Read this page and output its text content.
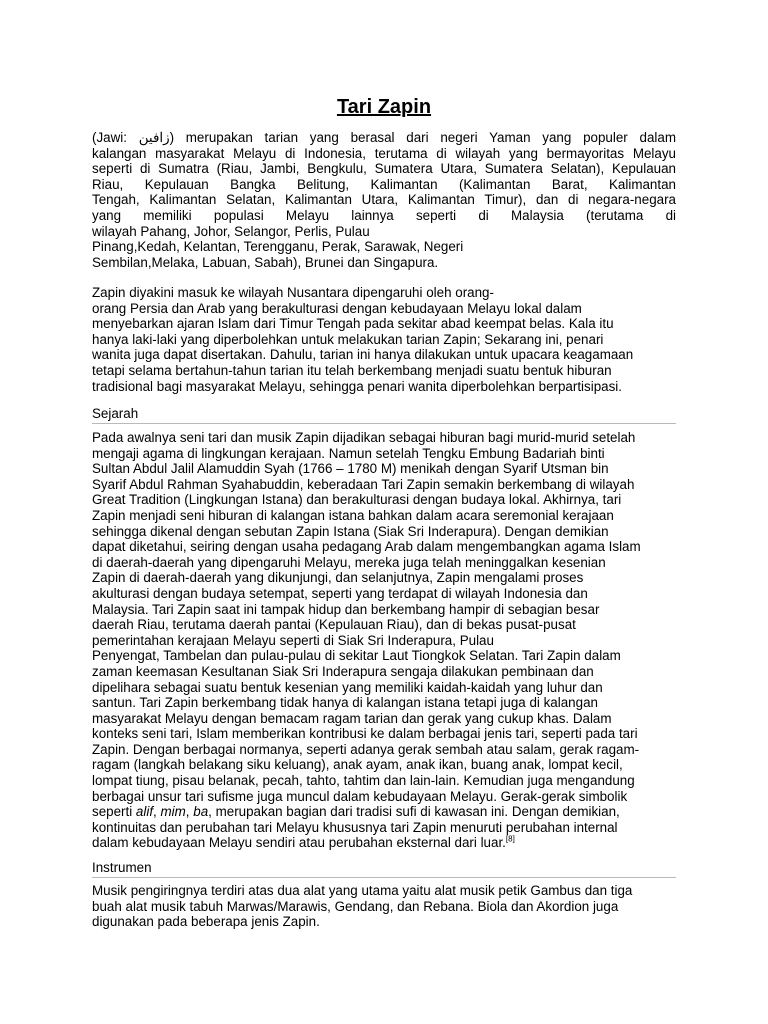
Tari Zapin
(Jawi: زافين) merupakan tarian yang berasal dari negeri Yaman yang populer dalam
kalangan masyarakat Melayu di Indonesia, terutama di wilayah yang bermayoritas Melayu
seperti di Sumatra (Riau, Jambi, Bengkulu, Sumatera Utara, Sumatera Selatan), Kepulauan
Riau, Kepulauan Bangka Belitung, Kalimantan (Kalimantan Barat, Kalimantan
Tengah, Kalimantan Selatan, Kalimantan Utara, Kalimantan Timur), dan di negara-negara
yang memiliki populasi Melayu lainnya seperti di Malaysia (terutama di
wilayah Pahang, Johor, Selangor, Perlis, Pulau
Pinang,Kedah, Kelantan, Terengganu, Perak, Sarawak, Negeri
Sembilan,Melaka, Labuan, Sabah), Brunei dan Singapura.
Zapin diyakini masuk ke wilayah Nusantara dipengaruhi oleh orang-
orang Persia dan Arab yang berakulturasi dengan kebudayaan Melayu lokal dalam
menyebarkan ajaran Islam dari Timur Tengah pada sekitar abad keempat belas. Kala itu
hanya laki-laki yang diperbolehkan untuk melakukan tarian Zapin; Sekarang ini, penari
wanita juga dapat disertakan. Dahulu, tarian ini hanya dilakukan untuk upacara keagamaan
tetapi selama bertahun-tahun tarian itu telah berkembang menjadi suatu bentuk hiburan
tradisional bagi masyarakat Melayu, sehingga penari wanita diperbolehkan berpartisipasi.
Sejarah
Pada awalnya seni tari dan musik Zapin dijadikan sebagai hiburan bagi murid-murid setelah
mengaji agama di lingkungan kerajaan. Namun setelah Tengku Embung Badariah binti
Sultan Abdul Jalil Alamuddin Syah (1766 – 1780 M) menikah dengan Syarif Utsman bin
Syarif Abdul Rahman Syahabuddin, keberadaan Tari Zapin semakin berkembang di wilayah
Great Tradition (Lingkungan Istana) dan berakulturasi dengan budaya lokal. Akhirnya, tari
Zapin menjadi seni hiburan di kalangan istana bahkan dalam acara seremonial kerajaan
sehingga dikenal dengan sebutan Zapin Istana (Siak Sri Inderapura). Dengan demikian
dapat diketahui, seiring dengan usaha pedagang Arab dalam mengembangkan agama Islam
di daerah-daerah yang dipengaruhi Melayu, mereka juga telah meninggalkan kesenian
Zapin di daerah-daerah yang dikunjungi, dan selanjutnya, Zapin mengalami proses
akulturasi dengan budaya setempat, seperti yang terdapat di wilayah Indonesia dan
Malaysia. Tari Zapin saat ini tampak hidup dan berkembang hampir di sebagian besar
daerah Riau, terutama daerah pantai (Kepulauan Riau), dan di bekas pusat-pusat
pemerintahan kerajaan Melayu seperti di Siak Sri Inderapura, Pulau
Penyengat, Tambelan dan pulau-pulau di sekitar Laut Tiongkok Selatan. Tari Zapin dalam
zaman keemasan Kesultanan Siak Sri Inderapura sengaja dilakukan pembinaan dan
dipelihara sebagai suatu bentuk kesenian yang memiliki kaidah-kaidah yang luhur dan
santun. Tari Zapin berkembang tidak hanya di kalangan istana tetapi juga di kalangan
masyarakat Melayu dengan bemacam ragam tarian dan gerak yang cukup khas. Dalam
konteks seni tari, Islam memberikan kontribusi ke dalam berbagai jenis tari, seperti pada tari
Zapin. Dengan berbagai normanya, seperti adanya gerak sembah atau salam, gerak ragam-
ragam (langkah belakang siku keluang), anak ayam, anak ikan, buang anak, lompat kecil,
lompat tiung, pisau belanak, pecah, tahto, tahtim dan lain-lain. Kemudian juga mengandung
berbagai unsur tari sufisme juga muncul dalam kebudayaan Melayu. Gerak-gerak simbolik
seperti alif, mim, ba, merupakan bagian dari tradisi sufi di kawasan ini. Dengan demikian,
kontinuitas dan perubahan tari Melayu khususnya tari Zapin menuruti perubahan internal
dalam kebudayaan Melayu sendiri atau perubahan eksternal dari luar.[8]
Instrumen
Musik pengiringnya terdiri atas dua alat yang utama yaitu alat musik petik Gambus dan tiga
buah alat musik tabuh Marwas/Marawis, Gendang, dan Rebana. Biola dan Akordion juga
digunakan pada beberapa jenis Zapin.
